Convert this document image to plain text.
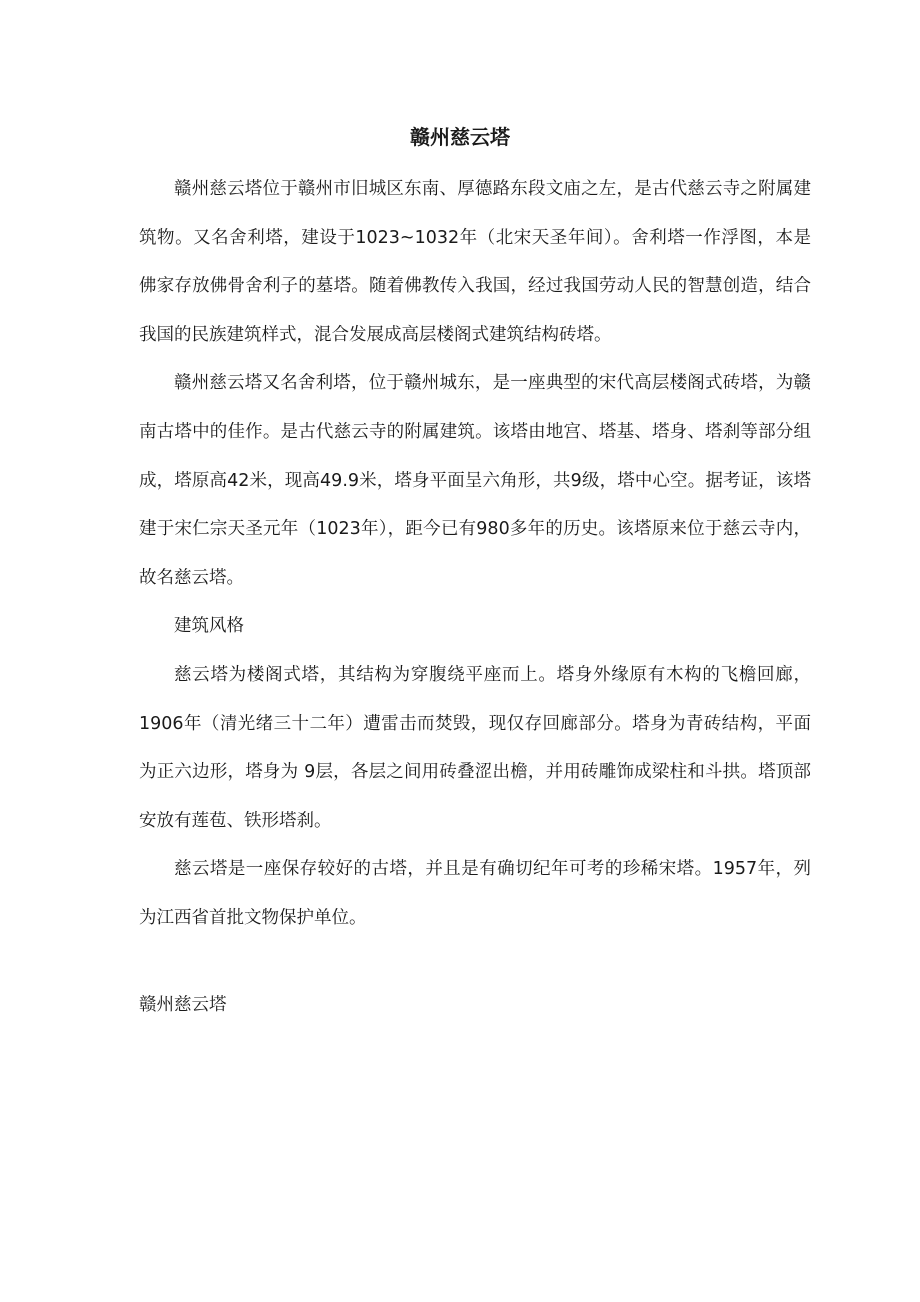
赣州慈云塔

赣州慈云塔位于赣州市旧城区东南、厚德路东段文庙之左，是古代慈云寺之附属建筑物。又名舍利塔，建设于1023~1032年（北宋天圣年间）。舍利塔一作浮图，本是佛家存放佛骨舍利子的墓塔。随着佛教传入我国，经过我国劳动人民的智慧创造，结合我国的民族建筑样式，混合发展成高层楼阁式建筑结构砖塔。

赣州慈云塔又名舍利塔，位于赣州城东，是一座典型的宋代高层楼阁式砖塔，为赣南古塔中的佳作。是古代慈云寺的附属建筑。该塔由地宫、塔基、塔身、塔刹等部分组成，塔原高42米，现高49.9米，塔身平面呈六角形，共9级，塔中心空。据考证，该塔建于宋仁宗天圣元年（1023年），距今已有980多年的历史。该塔原来位于慈云寺内，故名慈云塔。

建筑风格

慈云塔为楼阁式塔，其结构为穿腹绕平座而上。塔身外缘原有木构的飞檐回廊，1906年（清光绪三十二年）遭雷击而焚毁，现仅存回廊部分。塔身为青砖结构，平面为正六边形，塔身为 9层，各层之间用砖叠涩出檐，并用砖雕饰成梁柱和斗拱。塔顶部安放有莲苞、铁形塔刹。

慈云塔是一座保存较好的古塔，并且是有确切纪年可考的珍稀宋塔。1957年，列为江西省首批文物保护单位。

赣州慈云塔
